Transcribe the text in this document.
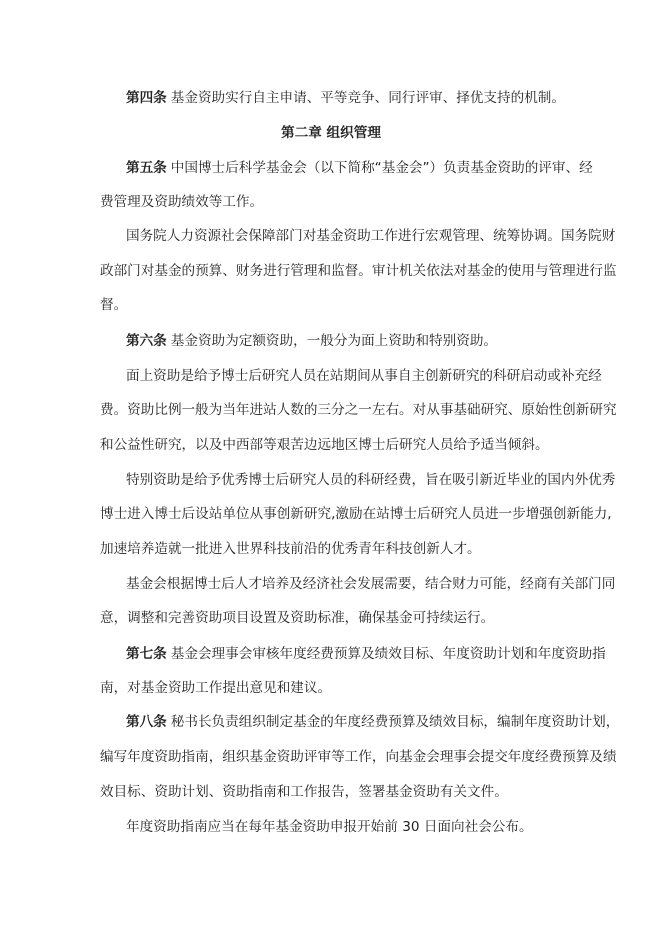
第四条 基金资助实行自主申请、平等竞争、同行评审、择优支持的机制。
第二章 组织管理
第五条 中国博士后科学基金会（以下简称“基金会”）负责基金资助的评审、经
费管理及资助绩效等工作。
国务院人力资源社会保障部门对基金资助工作进行宏观管理、统筹协调。国务院财
政部门对基金的预算、财务进行管理和监督。审计机关依法对基金的使用与管理进行监
督。
第六条 基金资助为定额资助，一般分为面上资助和特别资助。
面上资助是给予博士后研究人员在站期间从事自主创新研究的科研启动或补充经
费。资助比例一般为当年进站人数的三分之一左右。对从事基础研究、原始性创新研究
和公益性研究，以及中西部等艰苦边远地区博士后研究人员给予适当倾斜。
特别资助是给予优秀博士后研究人员的科研经费，旨在吸引新近毕业的国内外优秀
博士进入博士后设站单位从事创新研究,激励在站博士后研究人员进一步增强创新能力,
加速培养造就一批进入世界科技前沿的优秀青年科技创新人才。
基金会根据博士后人才培养及经济社会发展需要，结合财力可能，经商有关部门同
意，调整和完善资助项目设置及资助标准，确保基金可持续运行。
第七条 基金会理事会审核年度经费预算及绩效目标、年度资助计划和年度资助指
南，对基金资助工作提出意见和建议。
第八条 秘书长负责组织制定基金的年度经费预算及绩效目标，编制年度资助计划，
编写年度资助指南，组织基金资助评审等工作，向基金会理事会提交年度经费预算及绩
效目标、资助计划、资助指南和工作报告，签署基金资助有关文件。
年度资助指南应当在每年基金资助申报开始前 30 日面向社会公布。
